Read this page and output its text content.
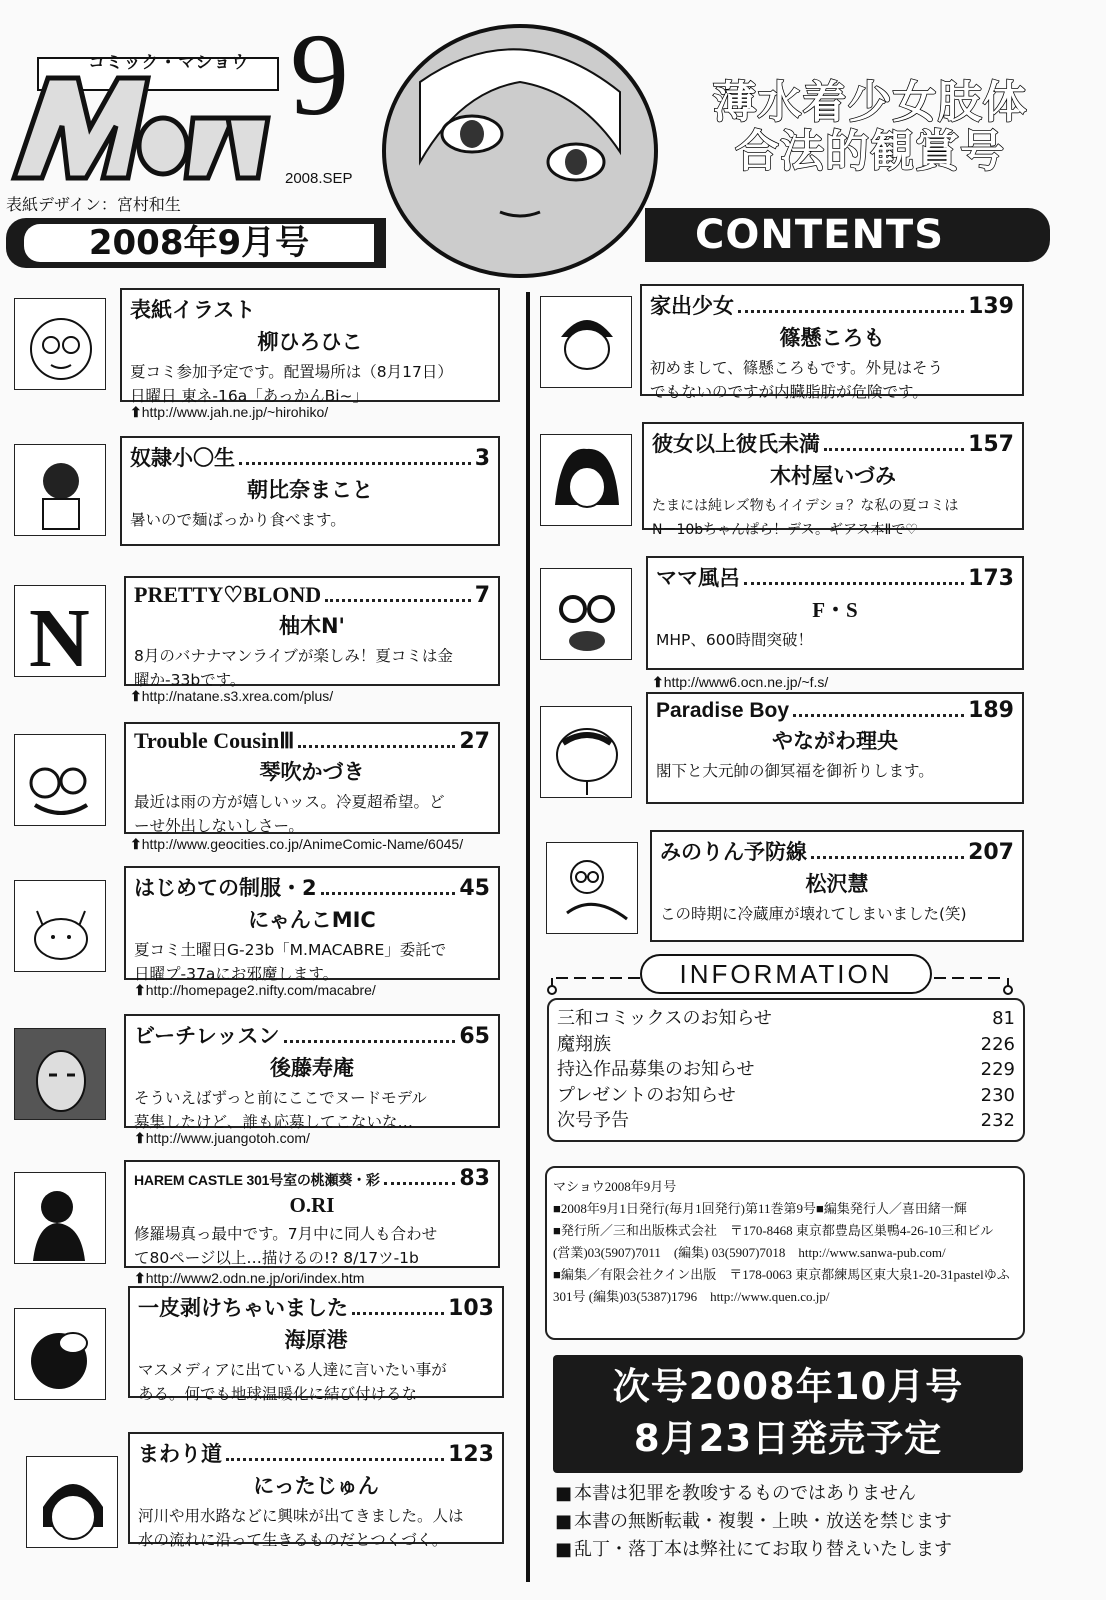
コミック・マショウ 9
2008.SEP
表紙デザイン：宮村和生
薄水着少女肢体
合法的観賞号
2008年9月号	CONTENTS
表紙イラスト
柳ひろひこ
夏コミ参加予定です。配置場所は（8月17日）
日曜日 東ネ-16a「あっかんBi~」
⬆http://www.jah.ne.jp/~hirohiko/
奴隷小〇生	3
朝比奈まこと
暑いので麺ばっかり食べます。
N PRETTY♡BLOND	7
柚木N'
8月のバナナマンライブが楽しみ！夏コミは金
曜か-33bです。
⬆http://natane.s3.xrea.com/plus/
Trouble CousinⅢ	27
琴吹かづき
最近は雨の方が嬉しいッス。冷夏超希望。ど
ーせ外出しないしさー。
⬆http://www.geocities.co.jp/AnimeComic-Name/6045/
はじめての制服・2	45
にゃんこMIC
夏コミ土曜日G-23b「M.MACABRE」委託で
日曜プ-37aにお邪魔します。
⬆http://homepage2.nifty.com/macabre/
ビーチレッスン	65
後藤寿庵
そういえばずっと前にここでヌードモデル
募集したけど、誰も応募してこないな…
⬆http://www.juangotoh.com/
HAREM CASTLE 301号室の桃瀬葵・彩	83
O.RI
修羅場真っ最中です。7月中に同人も合わせ
て80ページ以上…描けるの!? 8/17ツ-1b
⬆http://www2.odn.ne.jp/ori/index.htm
一皮剥けちゃいました	103
海原港
マスメディアに出ている人達に言いたい事が
ある。何でも地球温暖化に結び付けるな
まわり道	123
にったじゅん
河川や用水路などに興味が出てきました。人は
水の流れに沿って生きるものだとつくづく。
家出少女	139
篠懸ころも
初めまして、篠懸ころもです。外見はそう
でもないのですが内臓脂肪が危険です。
彼女以上彼氏未満	157
木村屋いづみ
たまには純レズ物もイイデショ？な私の夏コミは
N－10bちゃんぱら！デス。ギアス本Ⅱで♡
ママ風呂	173
F・S
MHP、600時間突破！
⬆http://www6.ocn.ne.jp/~f.s/
Paradise Boy	189
やながわ理央
閣下と大元帥の御冥福を御祈りします。
みのりん予防線	207
松沢慧
この時期に冷蔵庫が壊れてしまいました(笑)
INFORMATION
三和コミックスのお知らせ	81
魔翔族	226
持込作品募集のお知らせ	229
プレゼントのお知らせ	230
次号予告	232
マショウ2008年9月号
■2008年9月1日発行(毎月1回発行)第11巻第9号■編集発行人／喜田緒一輝
■発行所／三和出版株式会社　〒170-8468 東京都豊島区巣鴨4-26-10三和ビル
(営業)03(5907)7011　(編集) 03(5907)7018　http://www.sanwa-pub.com/
■編集／有限会社クイン出版　〒178-0063 東京都練馬区東大泉1-20-31pastelゆふ
301号 (編集)03(5387)1796　http://www.quen.co.jp/
次号2008年10月号
8月23日発売予定
■ 本書は犯罪を教唆するものではありません
■ 本書の無断転載・複製・上映・放送を禁じます
■ 乱丁・落丁本は弊社にてお取り替えいたします
